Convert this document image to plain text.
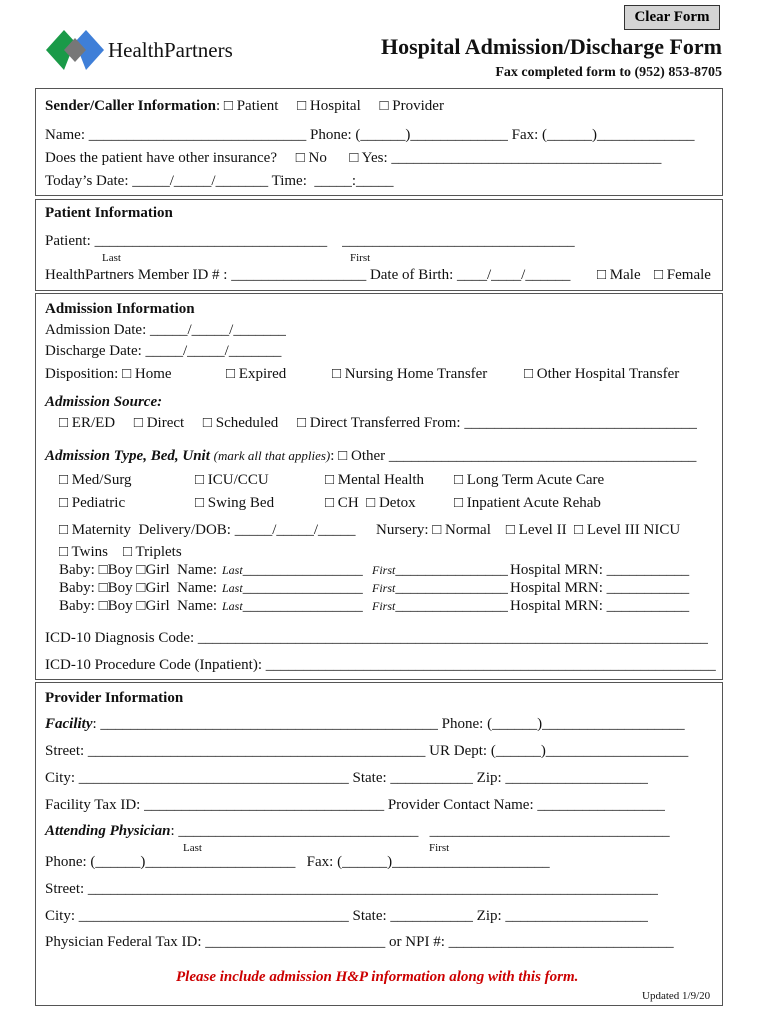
Clear Form
HealthPartners	Hospital Admission/Discharge Form
Fax completed form to (952) 853-8705
Sender/Caller Information: □ Patient     □ Hospital     □ Provider
Name: _____________________________ Phone: (______)_____________ Fax: (______)_____________
Does the patient have other insurance?     □ No      □ Yes: ____________________________________
Today’s Date: _____/_____/_______ Time:  _____:_____
Patient Information
Patient: _______________________________    _______________________________
Last	First
HealthPartners Member ID # : __________________ Date of Birth: ____/____/______ □ Male □ Female
Admission Information
Admission Date: _____/_____/_______
Discharge Date: _____/_____/_______
Disposition: □ Home	□ Expired	□ Nursing Home Transfer □ Other Hospital Transfer
Admission Source:
□ ER/ED     □ Direct     □ Scheduled     □ Direct Transferred From: _______________________________
Admission Type, Bed, Unit (mark all that applies): □ Other _________________________________________
□ Med/Surg	□ ICU/CCU	□ Mental Health □ Long Term Acute Care
□ Pediatric	□ Swing Bed	□ CH  □ Detox	□ Inpatient Acute Rehab
□ Maternity  Delivery/DOB: _____/_____/_____ Nursery: □ Normal    □ Level II  □ Level III NICU
□ Twins    □ Triplets
Baby: □Boy □Girl  Name: Last________________ First_______________ Hospital MRN: ___________
Baby: □Boy □Girl  Name: Last________________ First_______________ Hospital MRN: ___________
Baby: □Boy □Girl  Name: Last________________ First_______________ Hospital MRN: ___________
ICD-10 Diagnosis Code: ____________________________________________________________________
ICD-10 Procedure Code (Inpatient): ____________________________________________________________
Provider Information
Facility: _____________________________________________ Phone: (______)___________________
Street: _____________________________________________ UR Dept: (______)___________________
City: ____________________________________ State: ___________ Zip: ___________________
Facility Tax ID: ________________________________ Provider Contact Name: _________________
Attending Physician: ________________________________   ________________________________
Last	First
Phone: (______)____________________   Fax: (______)_____________________
Street: ____________________________________________________________________________
City: ____________________________________ State: ___________ Zip: ___________________
Physician Federal Tax ID: ________________________ or NPI #: ______________________________
Please include admission H&P information along with this form.
Updated 1/9/20
